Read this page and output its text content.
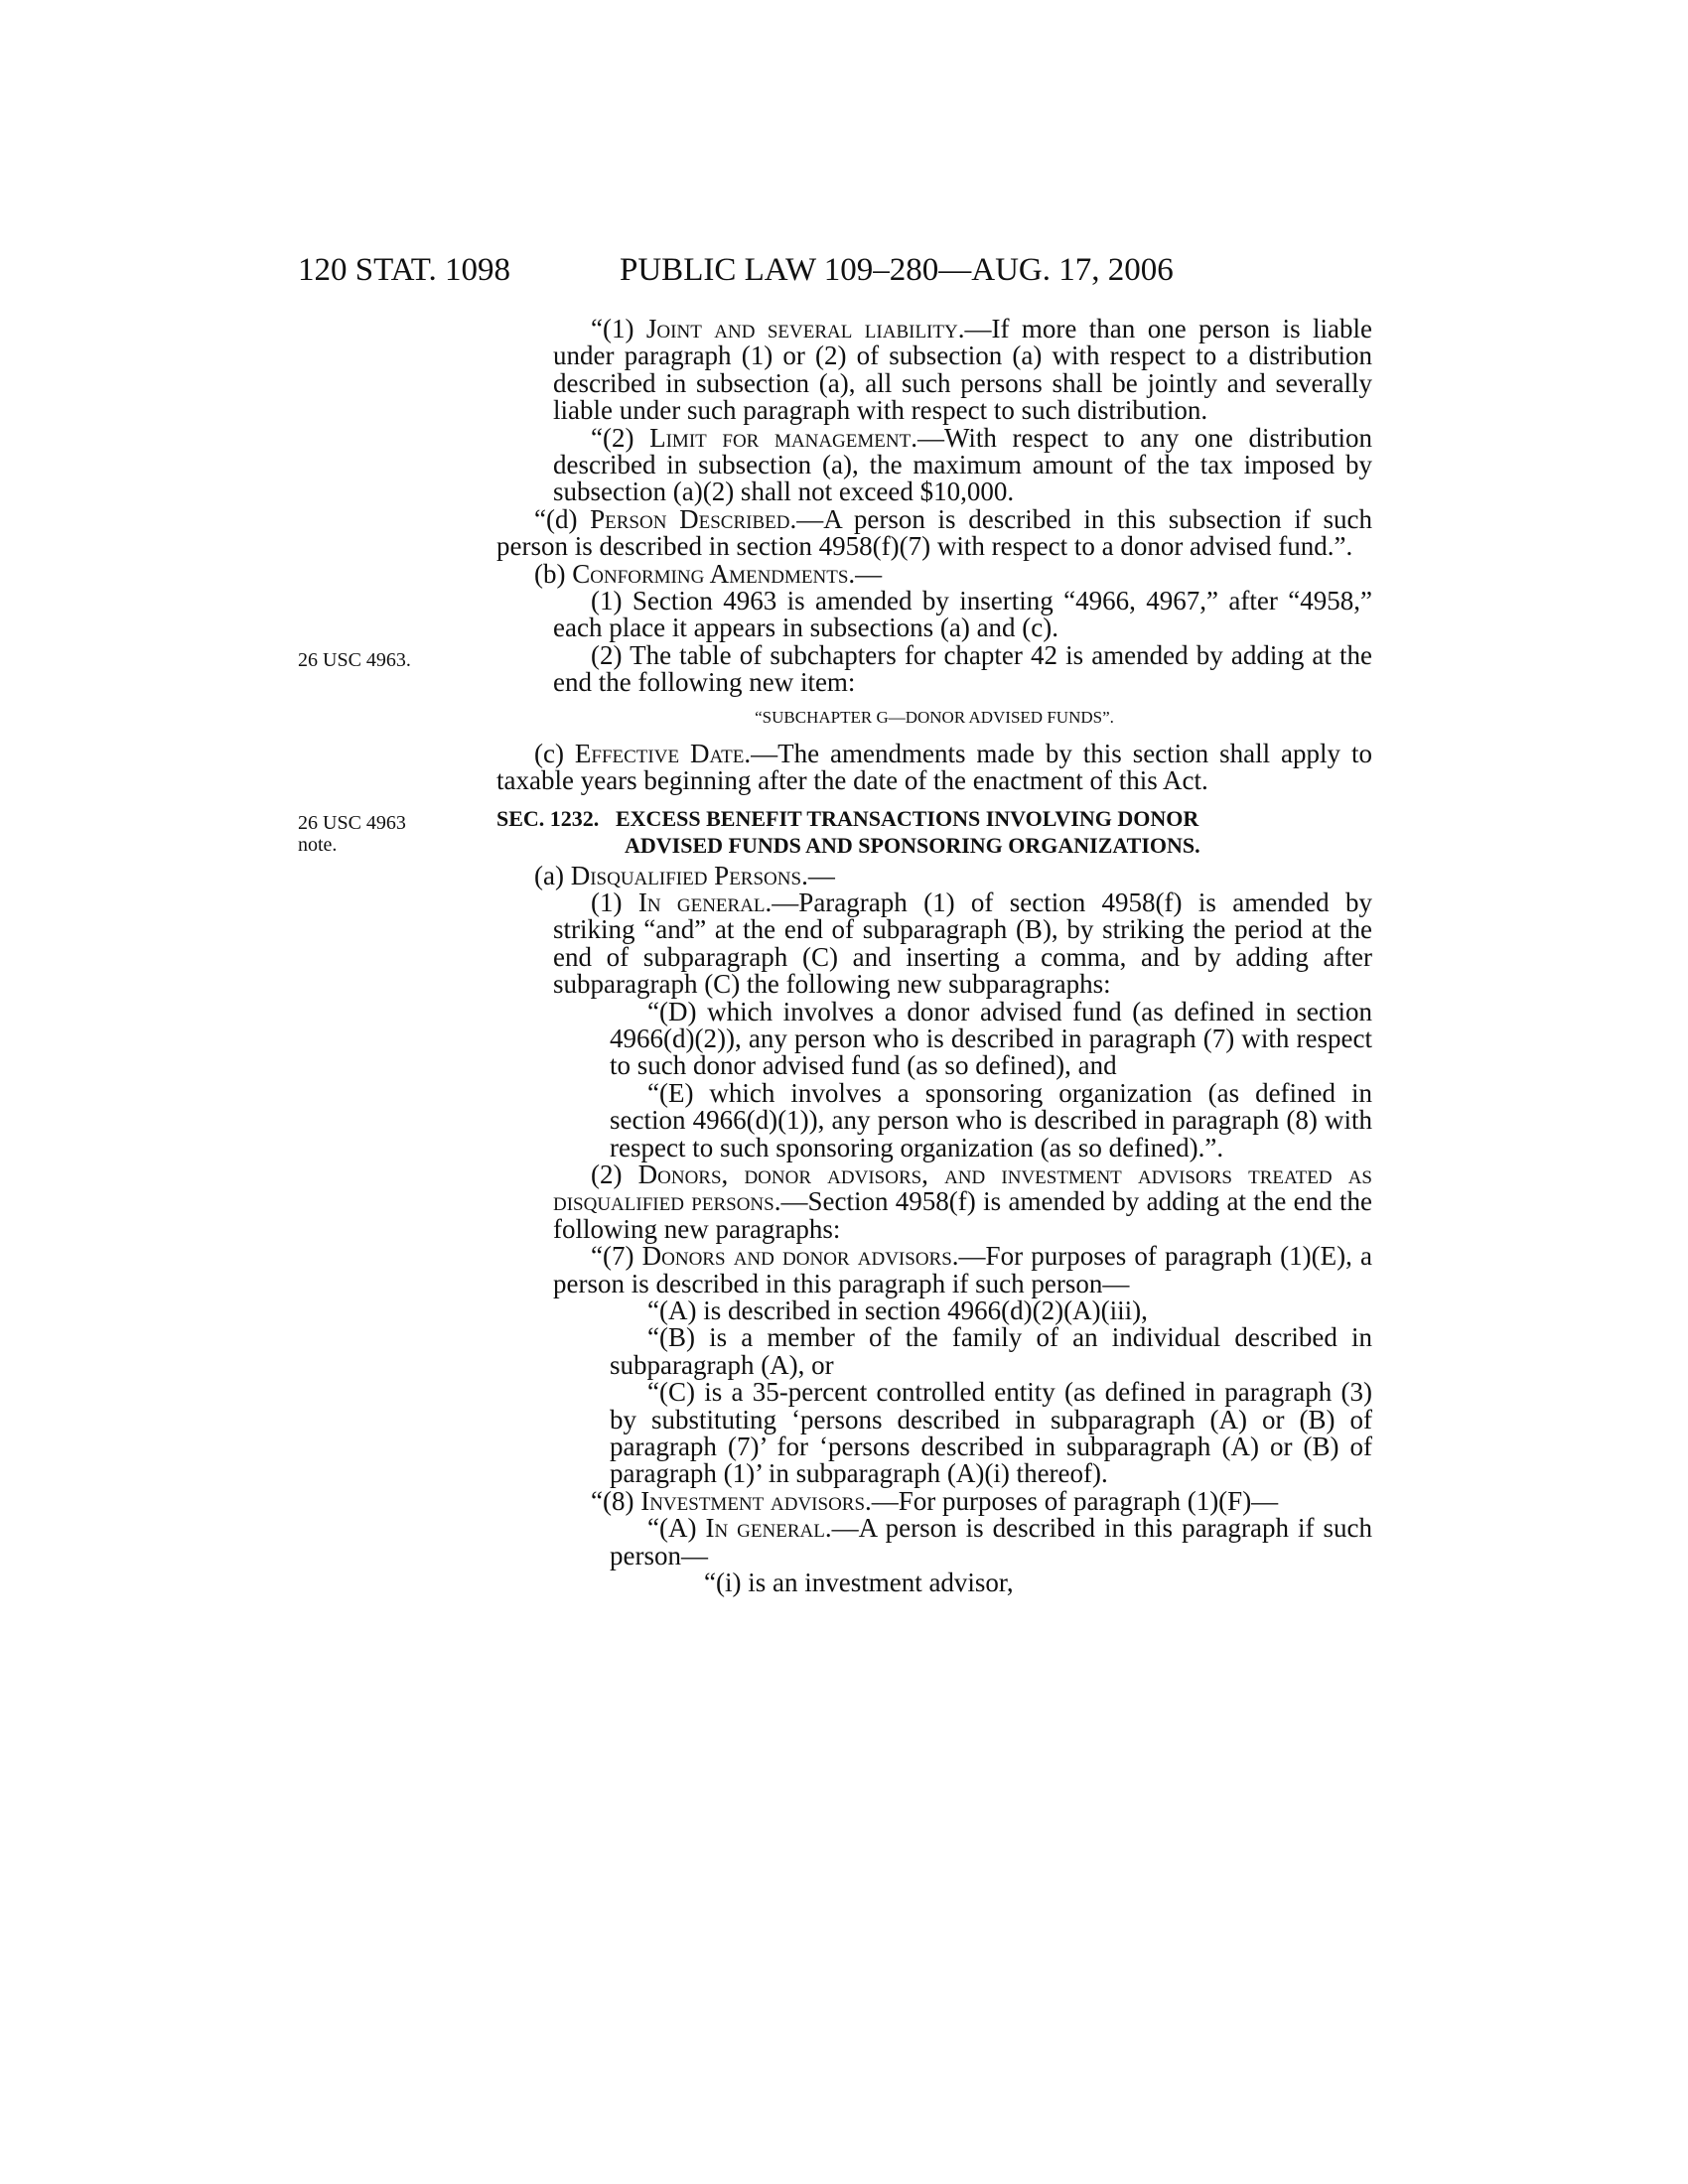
120 STAT. 1098	PUBLIC LAW 109–280—AUG. 17, 2006
26 USC 4963.
26 USC 4963
note.

“(1) Joint and several liability.—If more than one person is liable under paragraph (1) or (2) of subsection (a) with respect to a distribution described in subsection (a), all such persons shall be jointly and severally liable under such paragraph with respect to such distribution.

“(2) Limit for management.—With respect to any one distribution described in subsection (a), the maximum amount of the tax imposed by subsection (a)(2) shall not exceed $10,000.

“(d) Person Described.—A person is described in this subsection if such person is described in section 4958(f)(7) with respect to a donor advised fund.”.

(b) Conforming Amendments.—

(1) Section 4963 is amended by inserting “4966, 4967,” after “4958,” each place it appears in subsections (a) and (c).

(2) The table of subchapters for chapter 42 is amended by adding at the end the following new item:

“SUBCHAPTER G—DONOR ADVISED FUNDS”.

(c) Effective Date.—The amendments made by this section shall apply to taxable years beginning after the date of the enactment of this Act.

SEC. 1232. EXCESS BENEFIT TRANSACTIONS INVOLVING DONOR
ADVISED FUNDS AND SPONSORING ORGANIZATIONS.

(a) Disqualified Persons.—

(1) In general.—Paragraph (1) of section 4958(f) is amended by striking “and” at the end of subparagraph (B), by striking the period at the end of subparagraph (C) and inserting a comma, and by adding after subparagraph (C) the following new subparagraphs:

“(D) which involves a donor advised fund (as defined in section 4966(d)(2)), any person who is described in paragraph (7) with respect to such donor advised fund (as so defined), and

“(E) which involves a sponsoring organization (as defined in section 4966(d)(1)), any person who is described in paragraph (8) with respect to such sponsoring organization (as so defined).”.

(2) Donors, donor advisors, and investment advisors treated as disqualified persons.—Section 4958(f) is amended by adding at the end the following new paragraphs:

“(7) Donors and donor advisors.—For purposes of paragraph (1)(E), a person is described in this paragraph if such person—

“(A) is described in section 4966(d)(2)(A)(iii),

“(B) is a member of the family of an individual described in subparagraph (A), or

“(C) is a 35-percent controlled entity (as defined in paragraph (3) by substituting ‘persons described in subparagraph (A) or (B) of paragraph (7)’ for ‘persons described in subparagraph (A) or (B) of paragraph (1)’ in subparagraph (A)(i) thereof).

“(8) Investment advisors.—For purposes of paragraph (1)(F)—

“(A) In general.—A person is described in this paragraph if such person—

“(i) is an investment advisor,
